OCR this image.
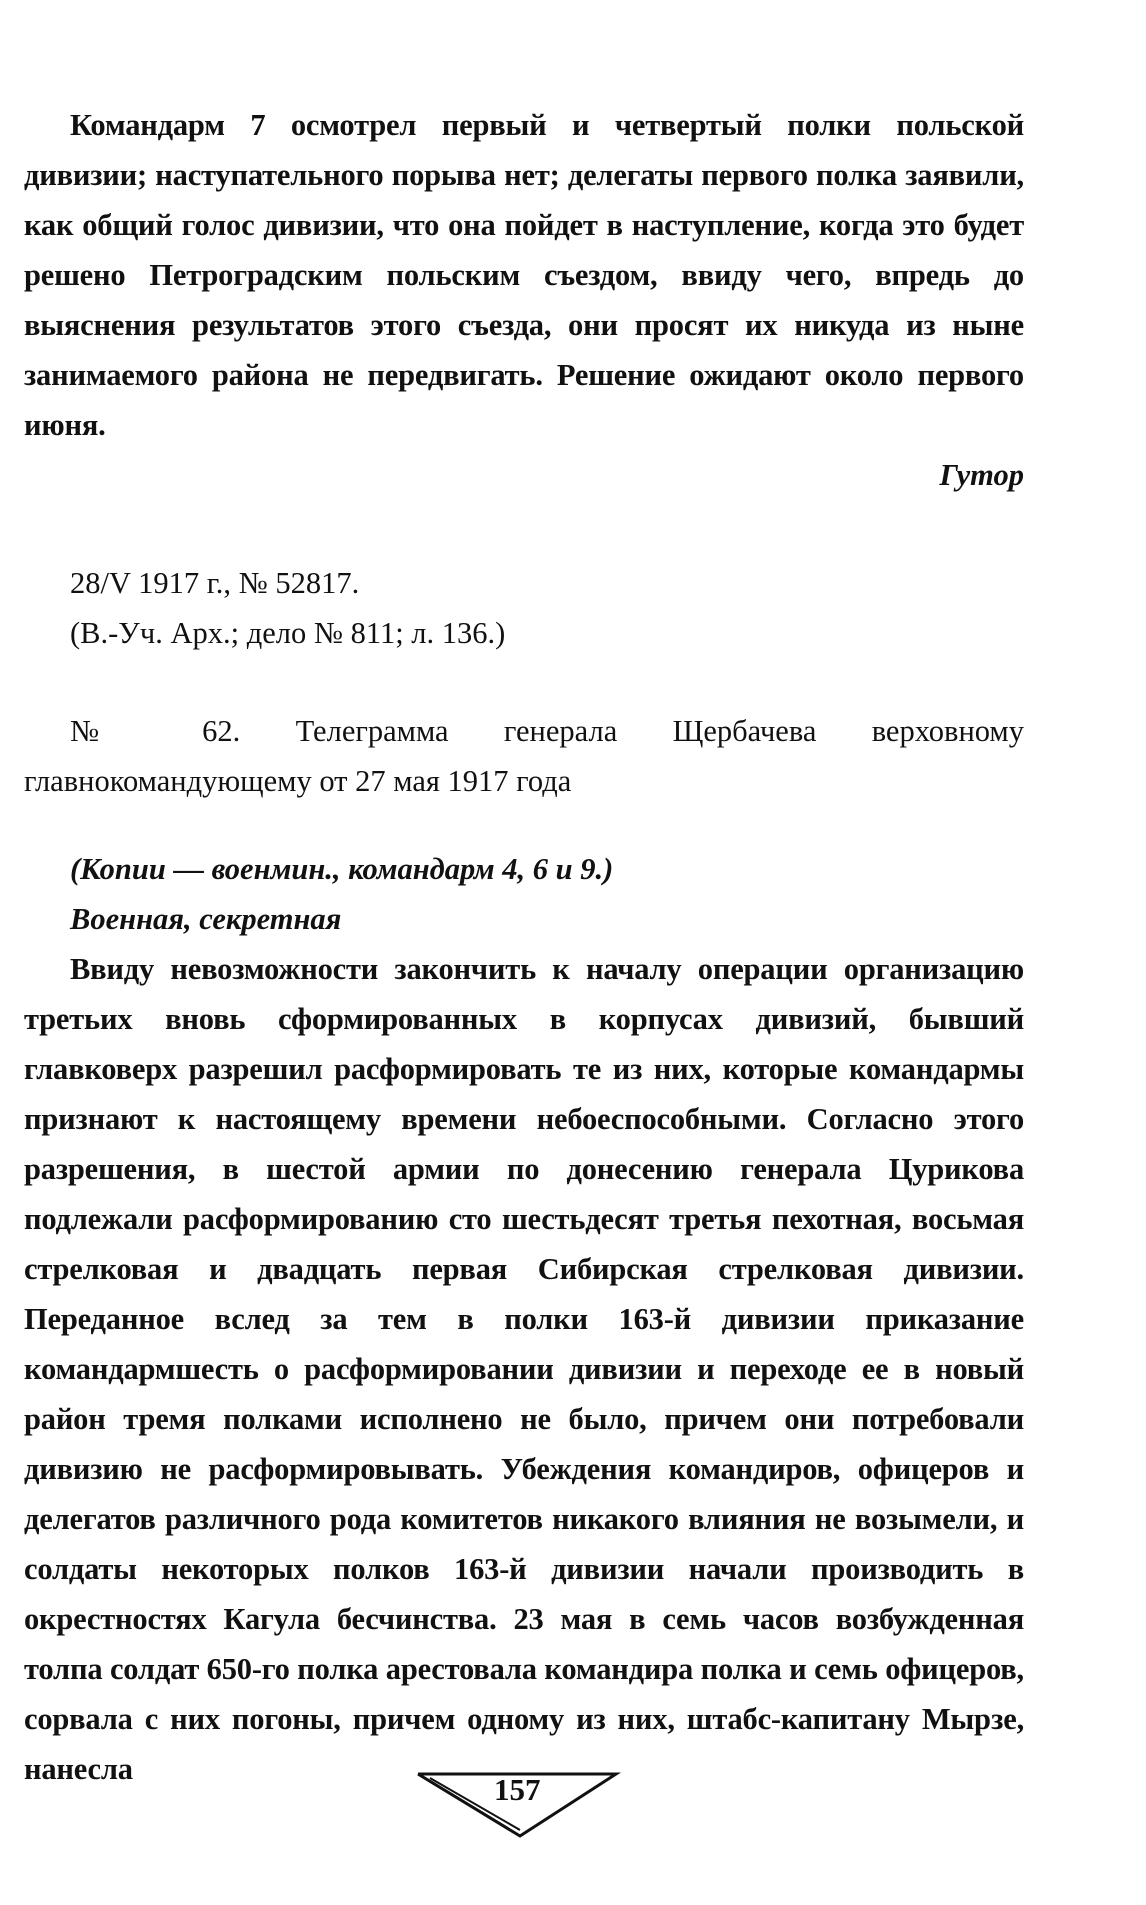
Командарм 7 осмотрел первый и четвертый полки польской дивизии; наступательного порыва нет; делегаты первого полка заявили, как общий голос дивизии, что она пойдет в наступление, когда это будет решено Петроградским польским съездом, ввиду чего, впредь до выяснения результатов этого съезда, они просят их никуда из ныне занимаемого района не передвигать. Решение ожидают около первого июня.

Гутор

28/V 1917 г., № 52817.

(В.-Уч. Арх.; дело № 811; л. 136.)

№ 62. Телеграмма генерала Щербачева верховному главнокомандующему от 27 мая 1917 года

(Копии — военмин., командарм 4, 6 и 9.)

Военная, секретная

Ввиду невозможности закончить к началу операции организацию третьих вновь сформированных в корпусах дивизий, бывший главковерх разрешил расформировать те из них, которые командармы признают к настоящему времени небоеспособными. Согласно этого разрешения, в шестой армии по донесению генерала Цурикова подлежали расформированию сто шестьдесят третья пехотная, восьмая стрелковая и двадцать первая Сибирская стрелковая дивизии. Переданное вслед за тем в полки 163-й дивизии приказание командармшесть о расформировании дивизии и переходе ее в новый район тремя полками исполнено не было, причем они потребовали дивизию не расформировывать. Убеждения командиров, офицеров и делегатов различного рода комитетов никакого влияния не возымели, и солдаты некоторых полков 163-й дивизии начали производить в окрестностях Кагула бесчинства. 23 мая в семь часов возбужденная толпа солдат 650-го полка арестовала командира полка и семь офицеров, сорвала с них погоны, причем одному из них, штабс-капитану Мырзе, нанесла

157
